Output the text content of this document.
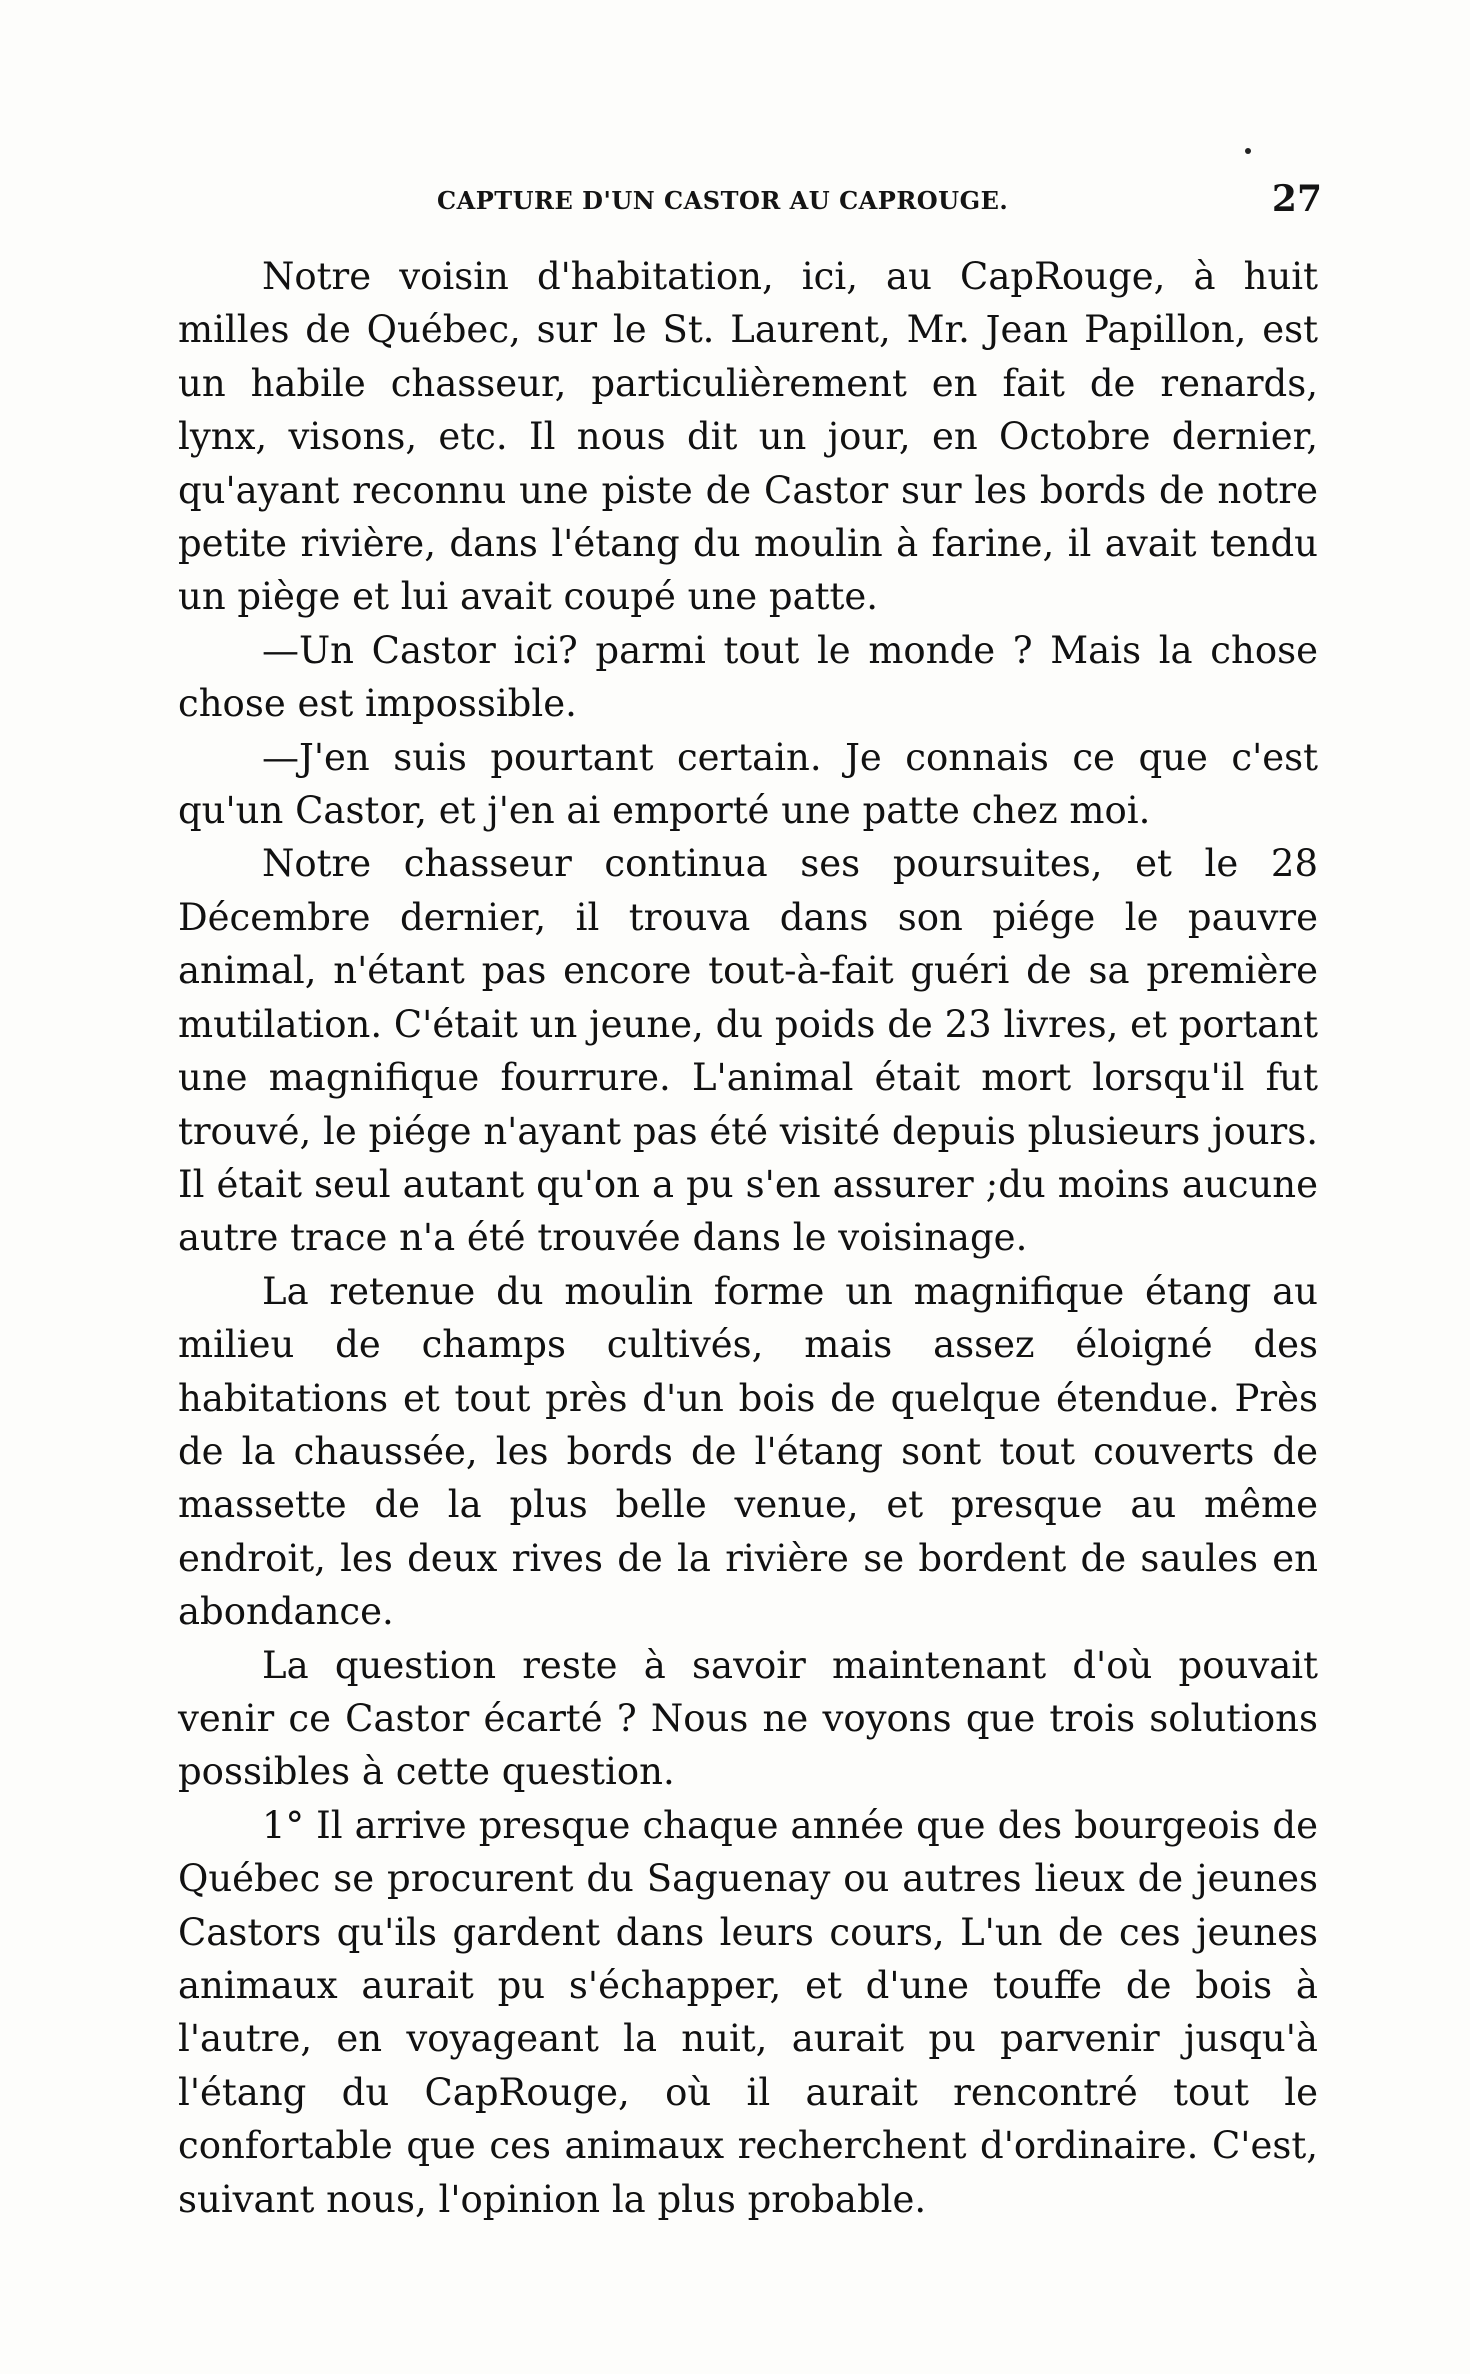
CAPTURE D'UN CASTOR AU CAPROUGE.	27

Notre voisin d'habitation, ici, au CapRouge, à huit milles de Québec, sur le St. Laurent, Mr. Jean Papillon, est un habile chasseur, particulièrement en fait de renards, lynx, visons, etc. Il nous dit un jour, en Octobre dernier, qu'ayant reconnu une piste de Castor sur les bords de notre petite rivière, dans l'étang du moulin à farine, il avait tendu un piège et lui avait coupé une patte.

—Un Castor ici? parmi tout le monde ? Mais la chose chose est impossible.

—J'en suis pourtant certain. Je connais ce que c'est qu'un Castor, et j'en ai emporté une patte chez moi.

Notre chasseur continua ses poursuites, et le 28 Décembre dernier, il trouva dans son piége le pauvre animal, n'étant pas encore tout-à-fait guéri de sa première mutilation. C'était un jeune, du poids de 23 livres, et portant une magnifique fourrure. L'animal était mort lorsqu'il fut trouvé, le piége n'ayant pas été visité depuis plusieurs jours. Il était seul autant qu'on a pu s'en assurer ;du moins aucune autre trace n'a été trouvée dans le voisinage.

La retenue du moulin forme un magnifique étang au milieu de champs cultivés, mais assez éloigné des habitations et tout près d'un bois de quelque étendue. Près de la chaussée, les bords de l'étang sont tout couverts de massette de la plus belle venue, et presque au même endroit, les deux rives de la rivière se bordent de saules en abondance.

La question reste à savoir maintenant d'où pouvait venir ce Castor écarté ? Nous ne voyons que trois solutions possibles à cette question.

1° Il arrive presque chaque année que des bourgeois de Québec se procurent du Saguenay ou autres lieux de jeunes Castors qu'ils gardent dans leurs cours, L'un de ces jeunes animaux aurait pu s'échapper, et d'une touffe de bois à l'autre, en voyageant la nuit, aurait pu parvenir jusqu'à l'étang du CapRouge, où il aurait rencontré tout le confortable que ces animaux recherchent d'ordinaire. C'est, suivant nous, l'opinion la plus probable.
